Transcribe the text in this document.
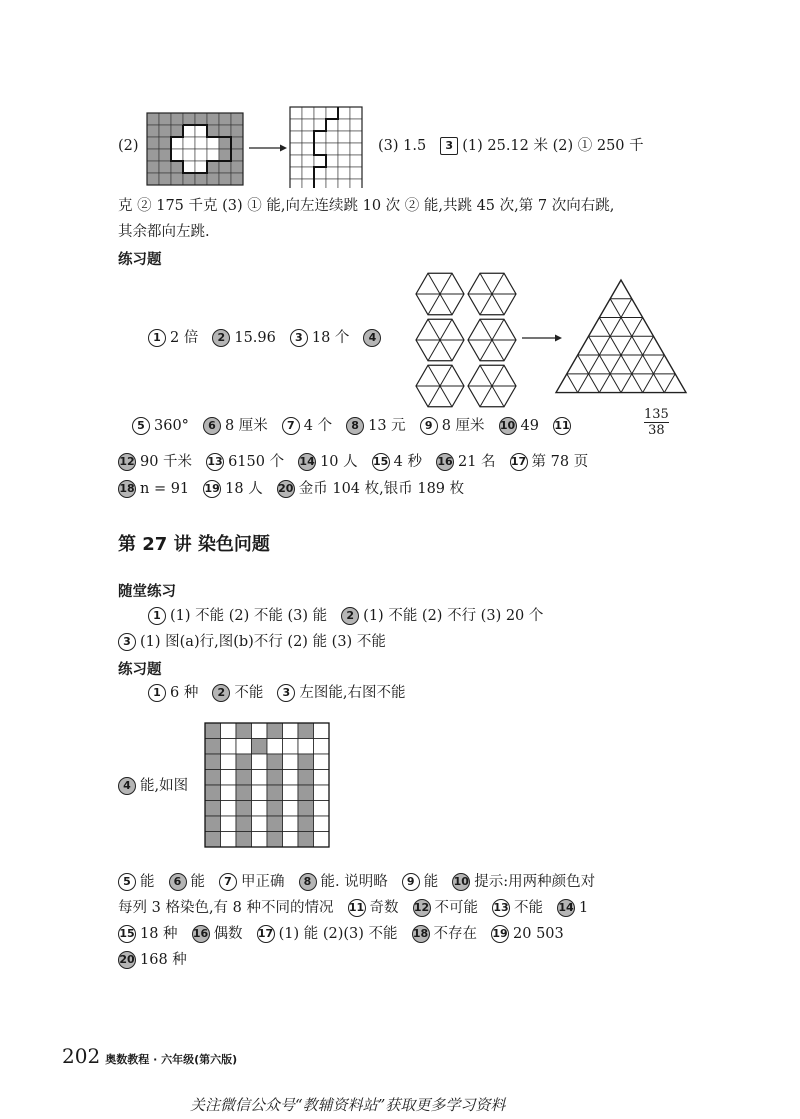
(2)	(3) 1.5 3 (1) 25.12 米 (2) ① 250 千
克 ② 175 千克 (3) ① 能,向左连续跳 10 次 ② 能,共跳 45 次,第 7 次向右跳,
其余都向左跳.
练习题
1 2 倍 2 15.96 3 18 个 4
5 360° 6 8 厘米 7 4 个 8 13 元 9 8 厘米 10 49 11	$\frac{135}{38}$
12 90 千米 13 6150 个 14 10 人 15 4 秒 16 21 名 17 第 78 页
18 n = 91 19 18 人 20 金币 104 枚,银币 189 枚
第 27 讲 染色问题
随堂练习
1 (1) 不能 (2) 不能 (3) 能 2 (1) 不能 (2) 不行 (3) 20 个
3 (1) 图(a)行,图(b)不行 (2) 能 (3) 不能
练习题
1 6 种 2 不能 3 左图能,右图不能
4 能,如图
5 能 6 能 7 甲正确 8 能. 说明略 9 能 10 提示:用两种颜色对
每列 3 格染色,有 8 种不同的情况 11 奇数 12 不可能 13 不能 14 1
15 18 种 16 偶数 17 (1) 能 (2)(3) 不能 18 不存在 19 20 503
20 168 种
202 奥数教程 · 六年级(第六版)
关注微信公众号“教辅资料站”获取更多学习资料
